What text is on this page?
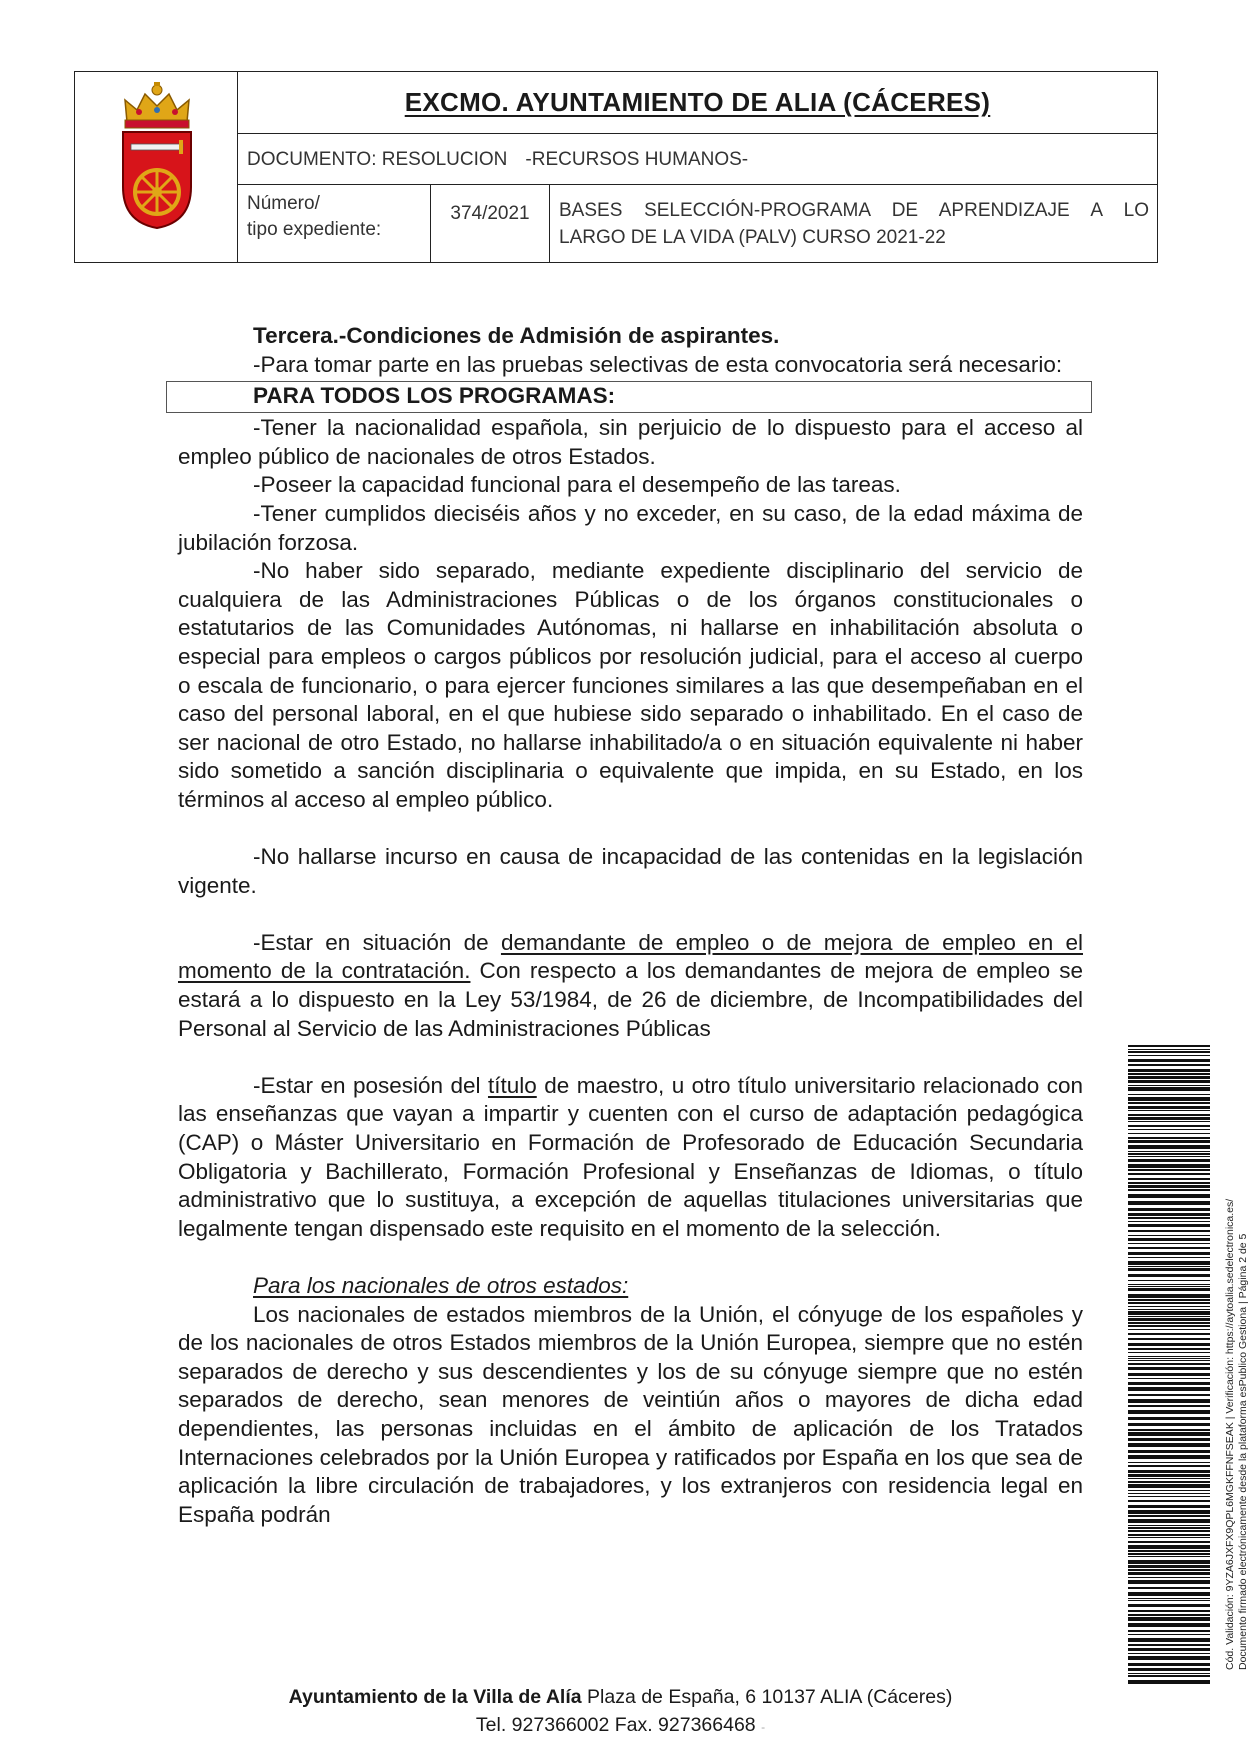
EXCMO. AYUNTAMIENTO DE ALIA (CÁCERES)
DOCUMENTO: RESOLUCION -RECURSOS HUMANOS-
Número/
tipo expediente:
374/2021	BASES SELECCIÓN-PROGRAMA DE APRENDIZAJE A LO
LARGO DE LA VIDA (PALV) CURSO 2021-22

Tercera.-Condiciones de Admisión de aspirantes.

-Para tomar parte en las pruebas selectivas de esta convocatoria será necesario:

PARA TODOS LOS PROGRAMAS:

-Tener la nacionalidad española, sin perjuicio de lo dispuesto para el acceso al empleo público de nacionales de otros Estados.

-Poseer la capacidad funcional para el desempeño de las tareas.

-Tener cumplidos dieciséis años y no exceder, en su caso, de la edad máxima de jubilación forzosa.

-No haber sido separado, mediante expediente disciplinario del servicio de cualquiera de las Administraciones Públicas o de los órganos constitucionales o estatutarios de las Comunidades Autónomas, ni hallarse en inhabilitación absoluta o especial para empleos o cargos públicos por resolución judicial, para el acceso al cuerpo o escala de funcionario, o para ejercer funciones similares a las que desempeñaban en el caso del personal laboral, en el que hubiese sido separado o inhabilitado. En el caso de ser nacional de otro Estado, no hallarse inhabilitado/a o en situación equivalente ni haber sido sometido a sanción disciplinaria o equivalente que impida, en su Estado, en los términos al acceso al empleo público.

-No hallarse incurso en causa de incapacidad de las contenidas en la legislación vigente.

-Estar en situación de demandante de empleo o de mejora de empleo en el momento de la contratación. Con respecto a los demandantes de mejora de empleo se estará a lo dispuesto en la Ley 53/1984, de 26 de diciembre, de Incompatibilidades del Personal al Servicio de las Administraciones Públicas

-Estar en posesión del título de maestro, u otro título universitario relacionado con las enseñanzas que vayan a impartir y cuenten con el curso de adaptación pedagógica (CAP) o Máster Universitario en Formación de Profesorado de Educación Secundaria Obligatoria y Bachillerato, Formación Profesional y Enseñanzas de Idiomas, o título administrativo que lo sustituya, a excepción de aquellas titulaciones universitarias que legalmente tengan dispensado este requisito en el momento de la selección.

Para los nacionales de otros estados:

Los nacionales de estados miembros de la Unión, el cónyuge de los españoles y de los nacionales de otros Estados miembros de la Unión Europea, siempre que no estén separados de derecho y sus descendientes y los de su cónyuge siempre que no estén separados de derecho, sean menores de veintiún años o mayores de dicha edad dependientes, las personas incluidas en el ámbito de aplicación de los Tratados Internaciones celebrados por la Unión Europea y ratificados por España en los que sea de aplicación la libre circulación de trabajadores, y los extranjeros con residencia legal en España podrán	Cód. Validación: 9YZA6JXFX9QPL6MGKFFNFSEAK | Verificación: https://aytoalia.sedelectronica.es/ Documento firmado electrónicamente desde la plataforma esPublico Gestiona | Página 2 de 5
Ayuntamiento de la Villa de Alía Plaza de España, 6 10137 ALIA (Cáceres)
Tel. 927366002 Fax. 927366468 -
